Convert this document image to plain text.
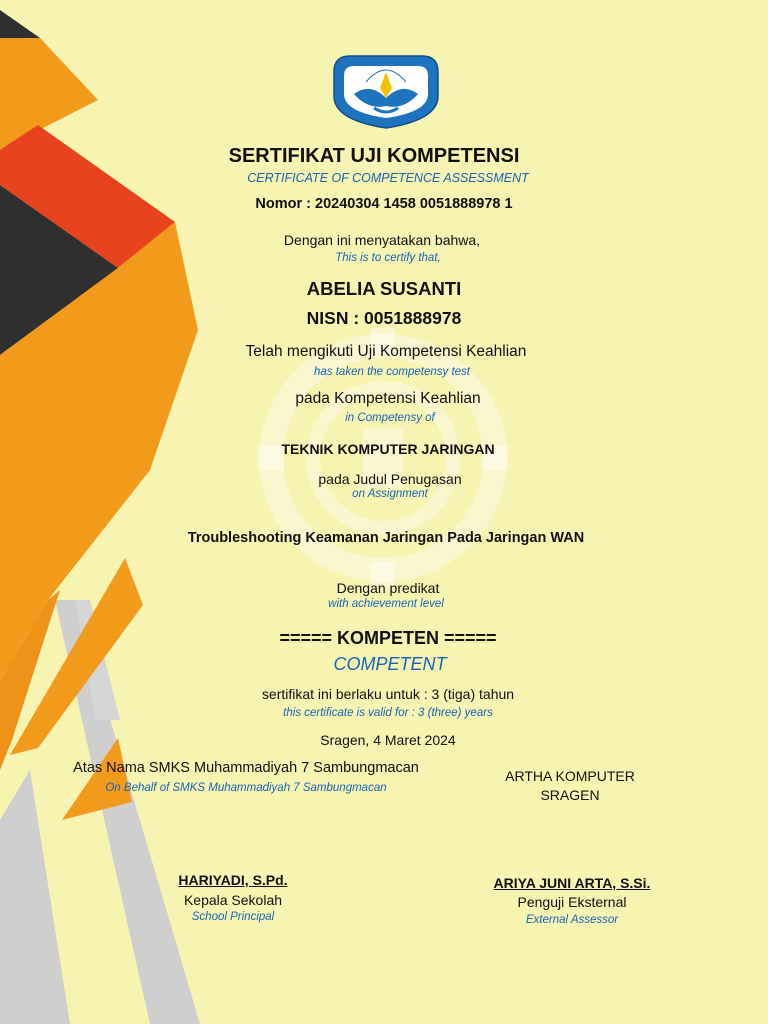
SERTIFIKAT UJI KOMPETENSI
CERTIFICATE OF COMPETENCE ASSESSMENT
Nomor : 20240304 1458 0051888978 1
Dengan ini menyatakan bahwa,
This is to certify that,
ABELIA SUSANTI
NISN : 0051888978
Telah mengikuti Uji Kompetensi Keahlian
has taken the competensy test
pada Kompetensi Keahlian
in Competensy of
TEKNIK KOMPUTER JARINGAN
pada Judul Penugasan
on Assignment
Troubleshooting Keamanan Jaringan Pada Jaringan WAN
Dengan predikat
with achievement level
===== KOMPETEN =====
COMPETENT
sertifikat ini berlaku untuk : 3 (tiga) tahun
this certificate is valid for : 3 (three) years
Sragen, 4 Maret 2024
Atas Nama SMKS Muhammadiyah 7 Sambungmacan
On Behalf of SMKS Muhammadiyah 7 Sambungmacan
ARTHA KOMPUTER
SRAGEN
HARIYADI, S.Pd.
Kepala Sekolah
School Principal
ARIYA JUNI ARTA, S.Si.
Penguji Eksternal
External Assessor
